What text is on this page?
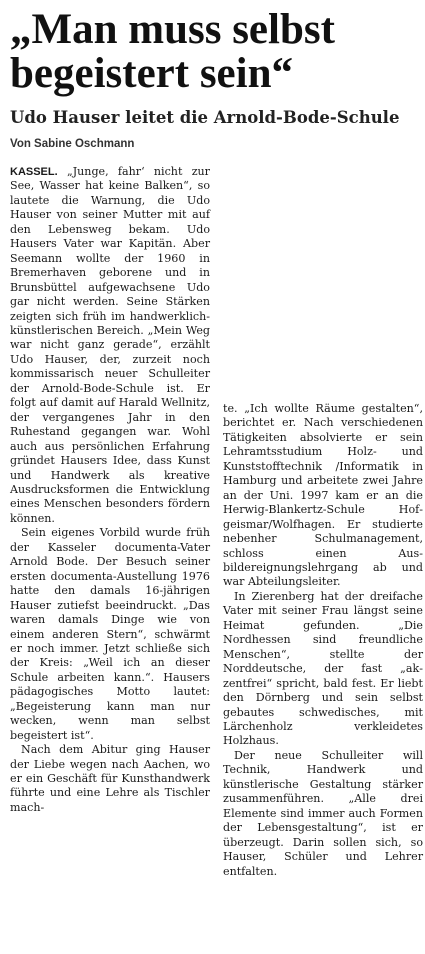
„Man muss selbst begeistert sein“
Udo Hauser leitet die Arnold-Bode-Schule
Von Sabine Oschmann

KASSEL. „Junge, fahr‘ nicht zur See, Wasser hat keine Balken“, so lautete die Warnung, die Udo Hauser von seiner Mutter mit auf den Lebensweg bekam. Udo Hausers Vater war Kapitän. Aber Seemann wollte der 1960 in Bremerhaven geborene und in Brunsbüttel aufgewachsene Udo gar nicht werden. Seine Stärken zeigten sich früh im handwerklich-künstlerischen Bereich. „Mein Weg war nicht ganz gerade“, erzählt Udo Hauser, der, zurzeit noch kommissarisch neuer Schulleiter der Arnold-Bode-Schule ist. Er folgt auf damit auf Harald Wellnitz, der vergangenes Jahr in den Ruhestand gegangen war. Wohl auch aus persönlichen Erfahrung gründet Hausers Idee, dass Kunst und Handwerk als kreative Ausdrucksformen die Entwicklung eines Menschen besonders fördern können.

Sein eigenes Vorbild wurde früh der Kasseler documenta-Vater Arnold Bode. Der Besuch seiner ersten documenta-Austellung 1976 hatte den damals 16-jährigen Hauser zutiefst beeindruckt. „Das waren damals Dinge wie von einem anderen Stern“, schwärmt er noch immer. Jetzt schließe sich der Kreis: „Weil ich an dieser Schule arbeiten kann.“. Hausers pädagogisches Motto lautet: „Begeisterung kann man nur wecken, wenn man selbst begeistert ist“.

Nach dem Abitur ging Hauser der Liebe wegen nach Aachen, wo er ein Geschäft für Kunsthandwerk führte und eine Lehre als Tischler mach-

te. „Ich wollte Räume gestalten“, berichtet er. Nach verschiedenen Tätigkeiten absolvierte er sein Lehramtsstudium Holz- und Kunststofftechnik /Informatik in Hamburg und arbeitete zwei Jahre an der Uni. 1997 kam er an die Herwig-Blankertz-Schule Hofgeismar/Wolfhagen. Er studierte nebenher Schulmanagement, schloss einen Ausbildereignungslehrgang ab und war Abteilungsleiter.

In Zierenberg hat der dreifache Vater mit seiner Frau längst seine Heimat gefunden. „Die Nordhessen sind freundliche Menschen“, stellte der Norddeutsche, der fast „akzentfrei“ spricht, bald fest. Er liebt den Dörnberg und sein selbst gebautes schwedisches, mit Lärchenholz verkleidetes Holzhaus.

Der neue Schulleiter will Technik, Handwerk und künstlerische Gestaltung stärker zusammenführen. „Alle drei Elemente sind immer auch Formen der Lebensgestaltung“, ist er überzeugt. Darin sollen sich, so Hauser, Schüler und Lehrer entfalten.
